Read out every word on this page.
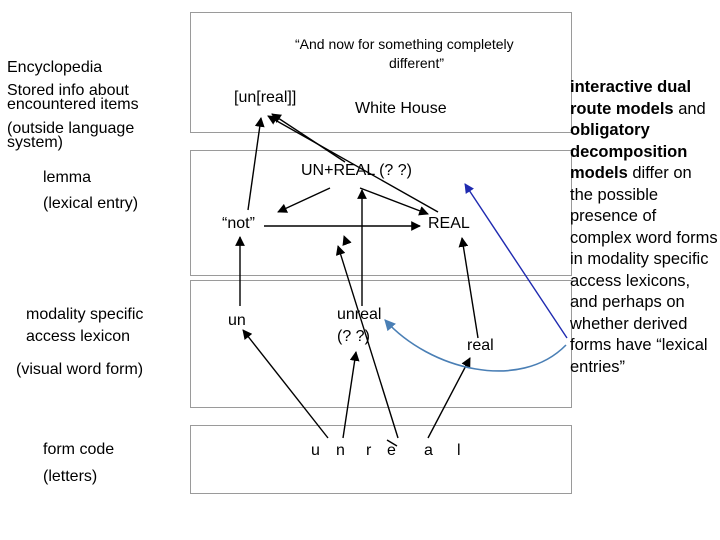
Encyclopedia
Stored info about
encountered items
(outside language
system)
lemma
(lexical entry)
modality specific
access lexicon
(visual word form)
form code
(letters)
“And now for something completely
different”
[un[real]]
White House
UN+REAL (? ?)
“not”	REAL
un	unreal
(? ?)
real
u n r e a l
interactive dual route models and obligatory decomposition models differ on the possible presence of complex word forms in modality specific access lexicons, and perhaps on whether derived forms have “lexical entries”
